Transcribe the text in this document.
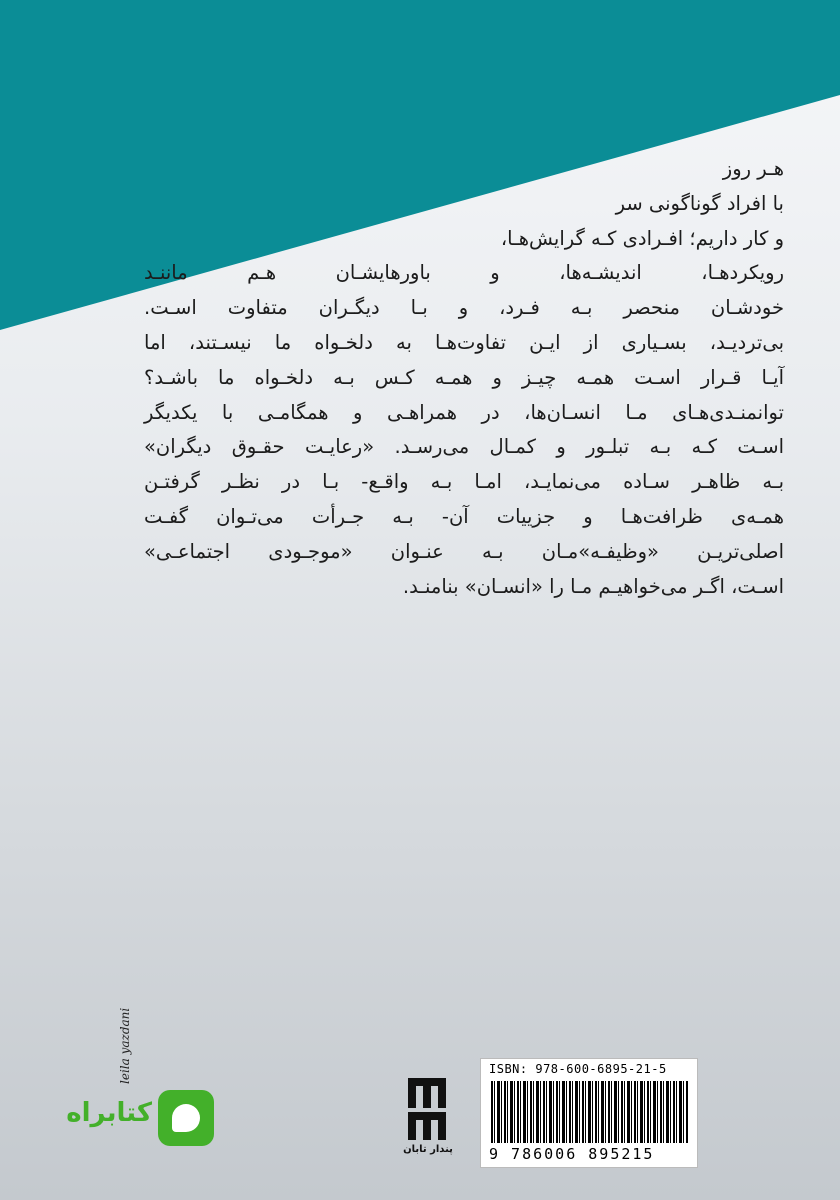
هـر روز
با افراد گوناگونی سر
و کار داریم؛ افـرادی کـه گرایش‌هـا،
رویکردهـا، اندیشـه‌ها، و باورهایشـان هـم ماننـد
خودشـان منحصر بـه فـرد، و بـا دیگـران متفاوت اسـت.
بی‌تردیـد، بسـیاری از ایـن تفاوت‌هـا به دلخـواه ما نیسـتند، اما
آیـا قـرار اسـت همـه چیـز و همـه کـس بـه دلخـواه ما باشـد؟
توانمنـدی‌هـای مـا انسـان‌ها، در همراهـی و همگامـی با یکدیگر
اسـت کـه بـه تبلـور و کمـال می‌رسـد. «رعایـت حقـوق دیگران»
بـه ظاهـر سـاده می‌نمایـد، امـا بـه واقـع- بـا در نظـر گرفتـن
همـه‌ی ظرافت‌هـا و جزییات آن- بـه جـرأت می‌تـوان گفـت
اصلی‌تریـن «وظیفـه»مـان بـه عنـوان «موجـودی اجتماعـی»
اسـت، اگـر می‌خواهیـم مـا را «انسـان» بنامنـد.
ISBN: 978-600-6895-21-5
9 786006 895215
پندار تابان
کتابراه
leila yazdani
